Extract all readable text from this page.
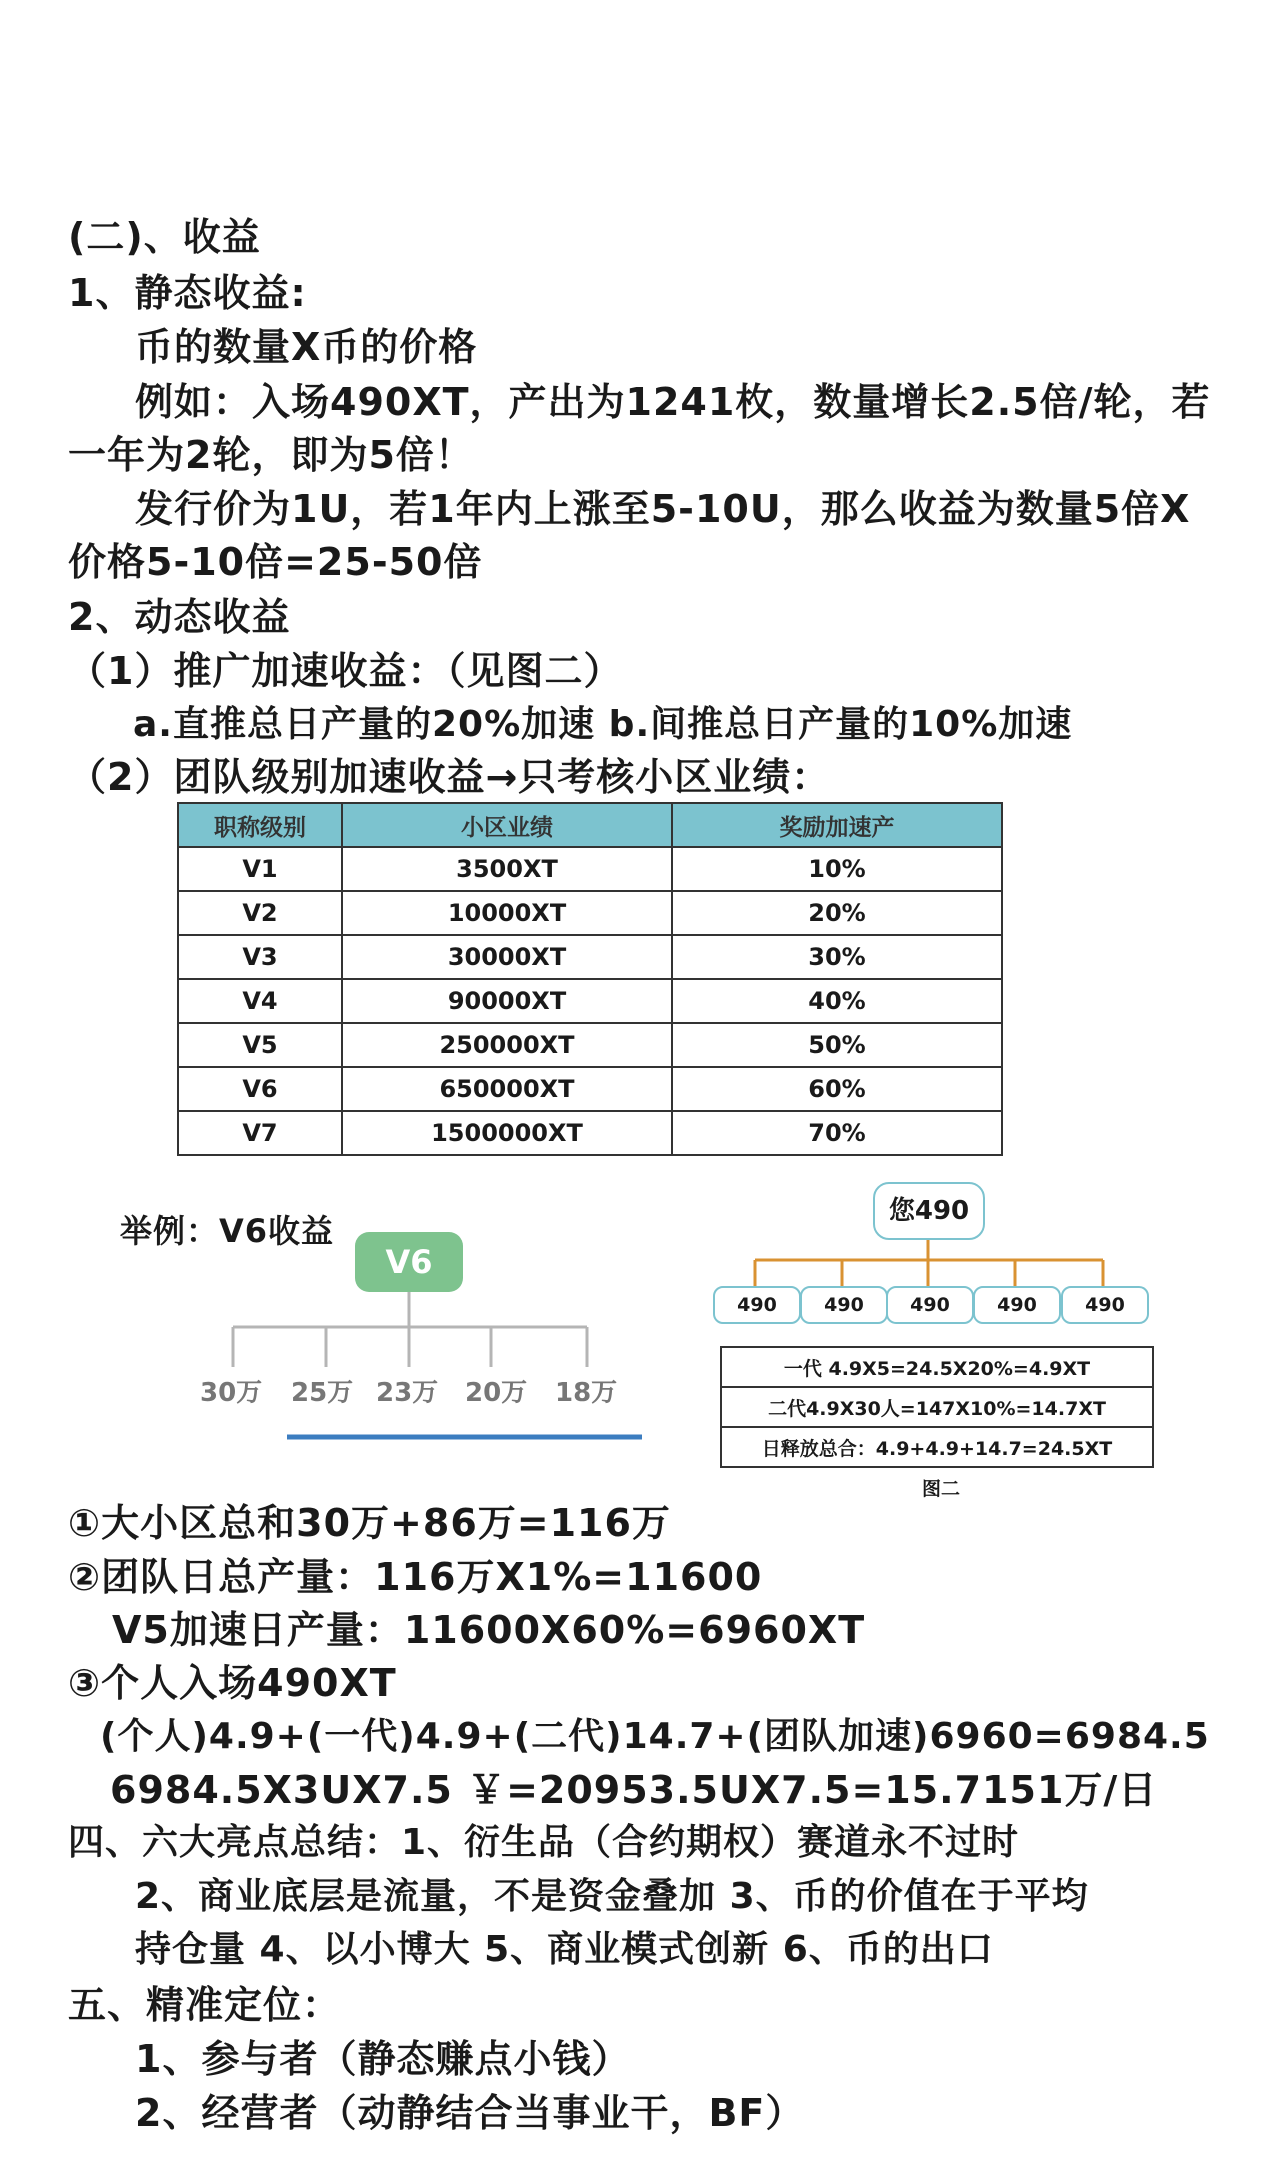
(二)、收益
1、静态收益:
币的数量X币的价格
例如：入场490XT，产出为1241枚，数量增长2.5倍/轮，若
一年为2轮，即为5倍！
发行价为1U，若1年内上涨至5-10U，那么收益为数量5倍X
价格5-10倍=25-50倍
2、动态收益
（1）推广加速收益：（见图二）
a.直推总日产量的20%加速 b.间推总日产量的10%加速
（2）团队级别加速收益→只考核小区业绩：
职称级别	小区业绩	奖励加速产
V1	3500XT	10%
V2	10000XT	20%
V3	30000XT	30%
V4	90000XT	40%
V5	250000XT	50%
V6	650000XT	60%
V7	1500000XT	70%
举例：V6收益
V6
30万 25万 23万 20万 18万
您490
490	490	490	490	490
一代 4.9X5=24.5X20%=4.9XT
二代4.9X30人=147X10%=14.7XT
日释放总合：4.9+4.9+14.7=24.5XT
图二
①大小区总和30万+86万=116万
②团队日总产量：116万X1%=11600
V5加速日产量：11600X60%=6960XT
③个人入场490XT
(个人)4.9+(一代)4.9+(二代)14.7+(团队加速)6960=6984.5
6984.5X3UX7.5 ￥=20953.5UX7.5=15.7151万/日
四、六大亮点总结：1、衍生品（合约期权）赛道永不过时
2、商业底层是流量，不是资金叠加 3、币的价值在于平均
持仓量 4、以小博大 5、商业模式创新 6、币的出口
五、精准定位：
1、参与者（静态赚点小钱）
2、经营者（动静结合当事业干，BF）
